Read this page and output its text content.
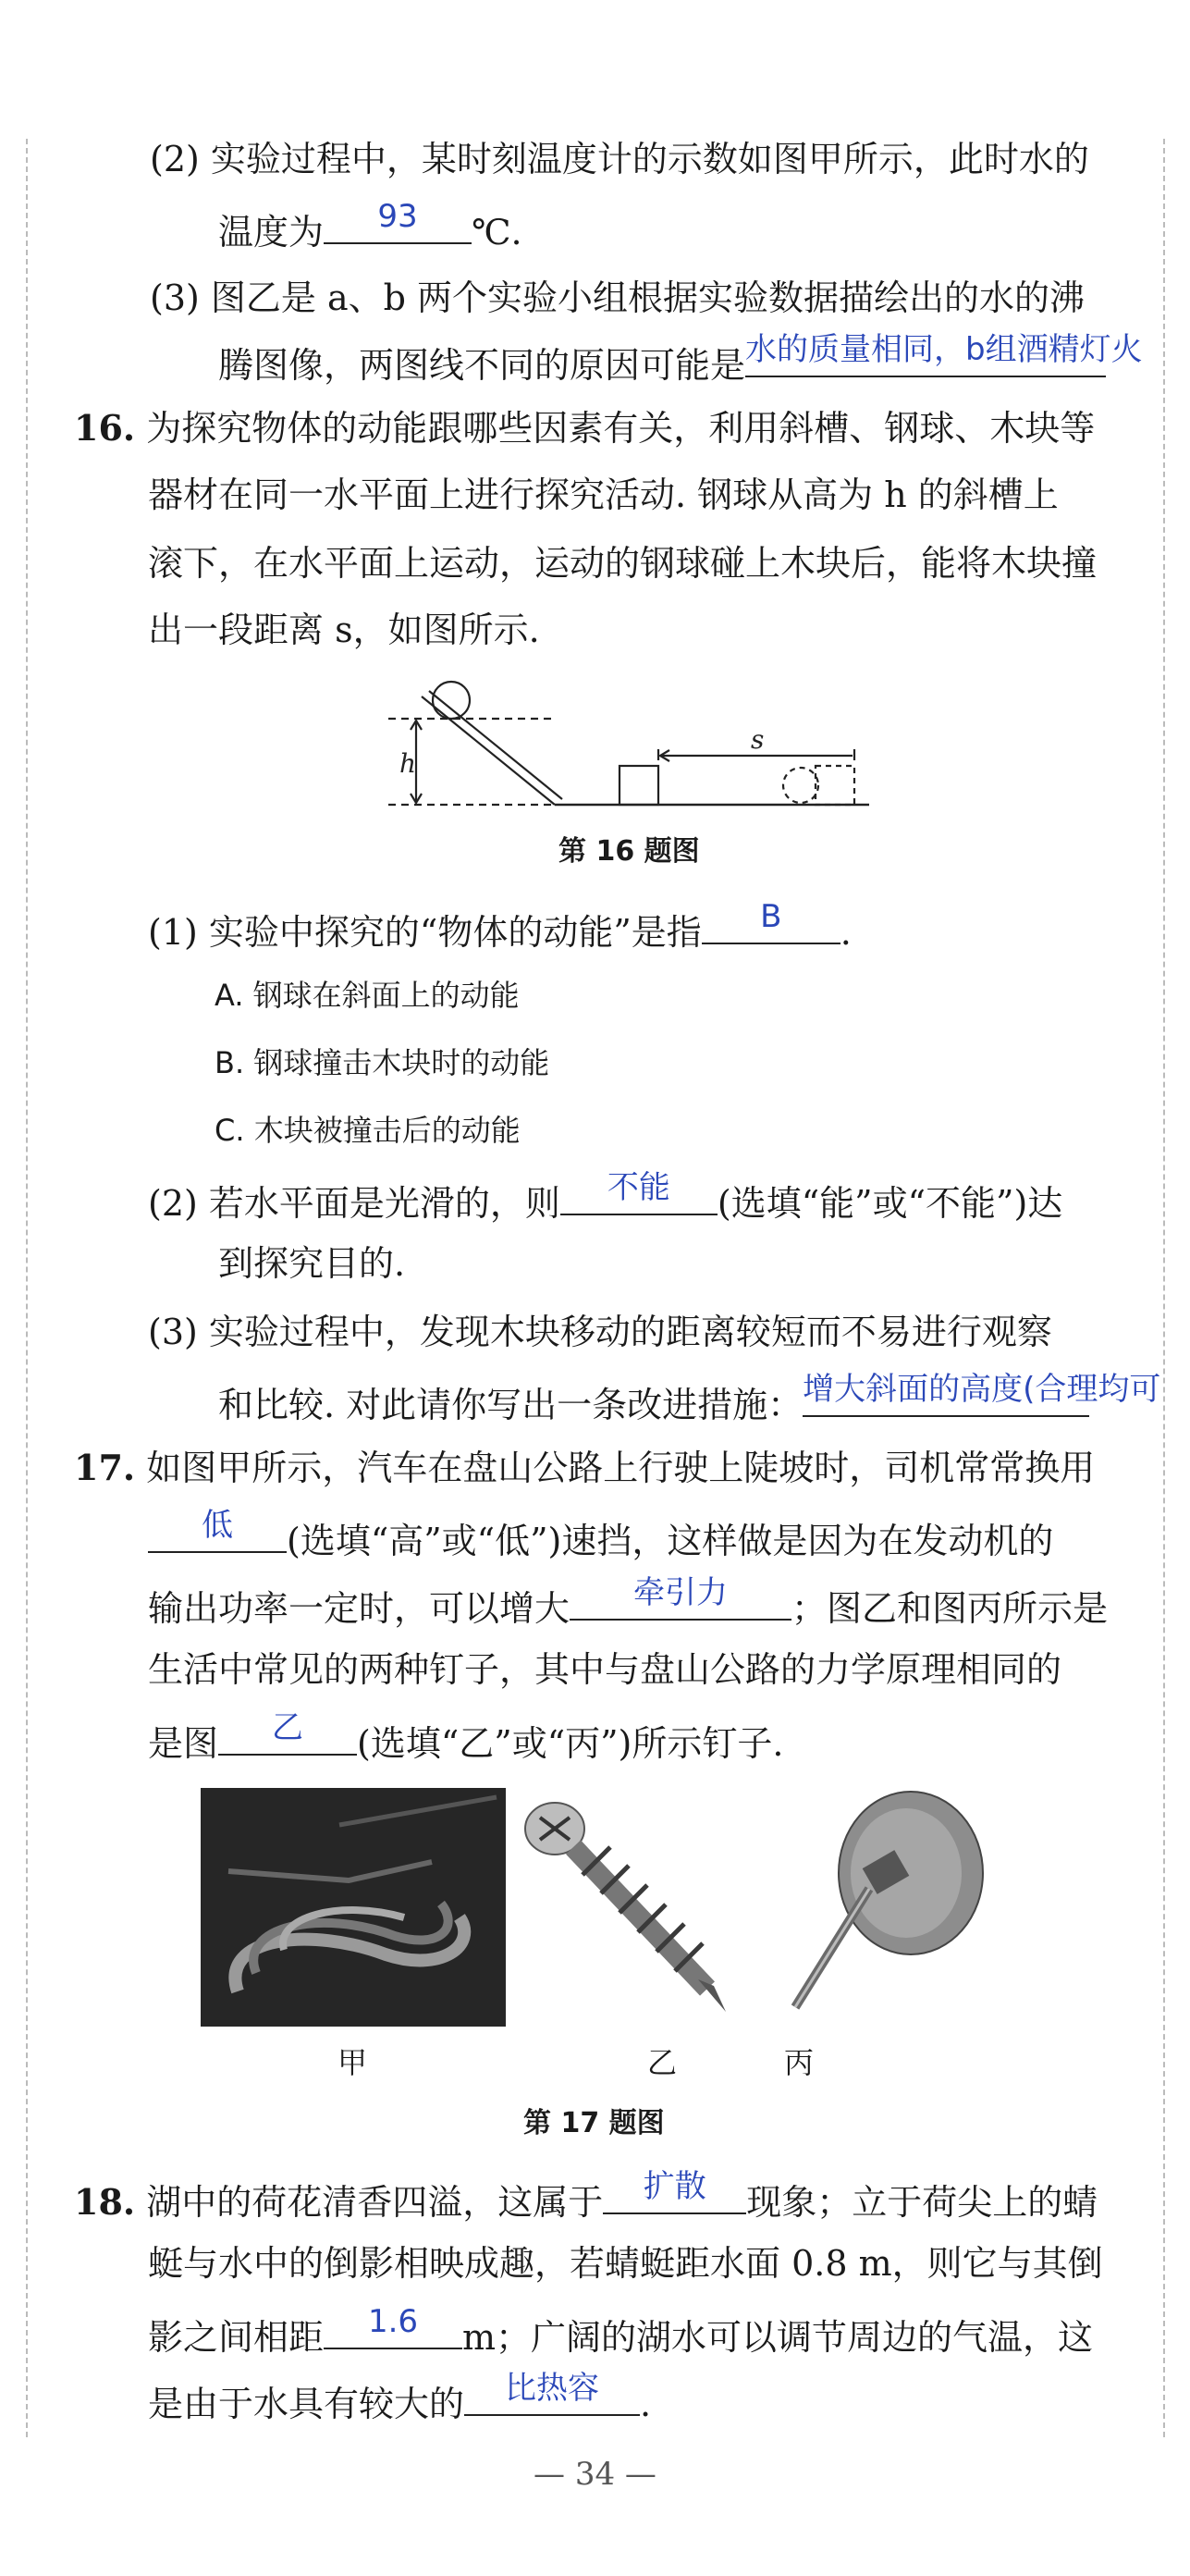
(2) 实验过程中，某时刻温度计的示数如图甲所示，此时水的
温度为	93	℃.
(3) 图乙是 a、b 两个实验小组根据实验数据描绘出的水的沸
腾图像，两图线不同的原因可能是 水的质量相同，b组酒精灯火
16. 为探究物体的动能跟哪些因素有关，利用斜槽、钢球、木块等
器材在同一水平面上进行探究活动. 钢球从高为 h 的斜槽上
滚下，在水平面上运动，运动的钢球碰上木块后，能将木块撞
出一段距离 s，如图所示.
h
s
第 16 题图
(1) 实验中探究的“物体的动能”是指	B	.
A. 钢球在斜面上的动能
B. 钢球撞击木块时的动能
C. 木块被撞击后的动能
(2) 若水平面是光滑的，则	不能	(选填“能”或“不能”)达
到探究目的.
(3) 实验过程中，发现木块移动的距离较短而不易进行观察
和比较. 对此请你写出一条改进措施： 增大斜面的高度(合理均可
17. 如图甲所示，汽车在盘山公路上行驶上陡坡时，司机常常换用
低	(选填“高”或“低”)速挡，这样做是因为在发动机的
输出功率一定时，可以增大	牵引力	；图乙和图丙所示是
生活中常见的两种钉子，其中与盘山公路的力学原理相同的
是图	乙	(选填“乙”或“丙”)所示钉子.
甲	乙	丙
第 17 题图
18. 湖中的荷花清香四溢，这属于	扩散	现象；立于荷尖上的蜻
蜓与水中的倒影相映成趣，若蜻蜓距水面 0.8 m，则它与其倒
影之间相距	1.6	m；广阔的湖水可以调节周边的气温，这
是由于水具有较大的	比热容	.
— 34 —
